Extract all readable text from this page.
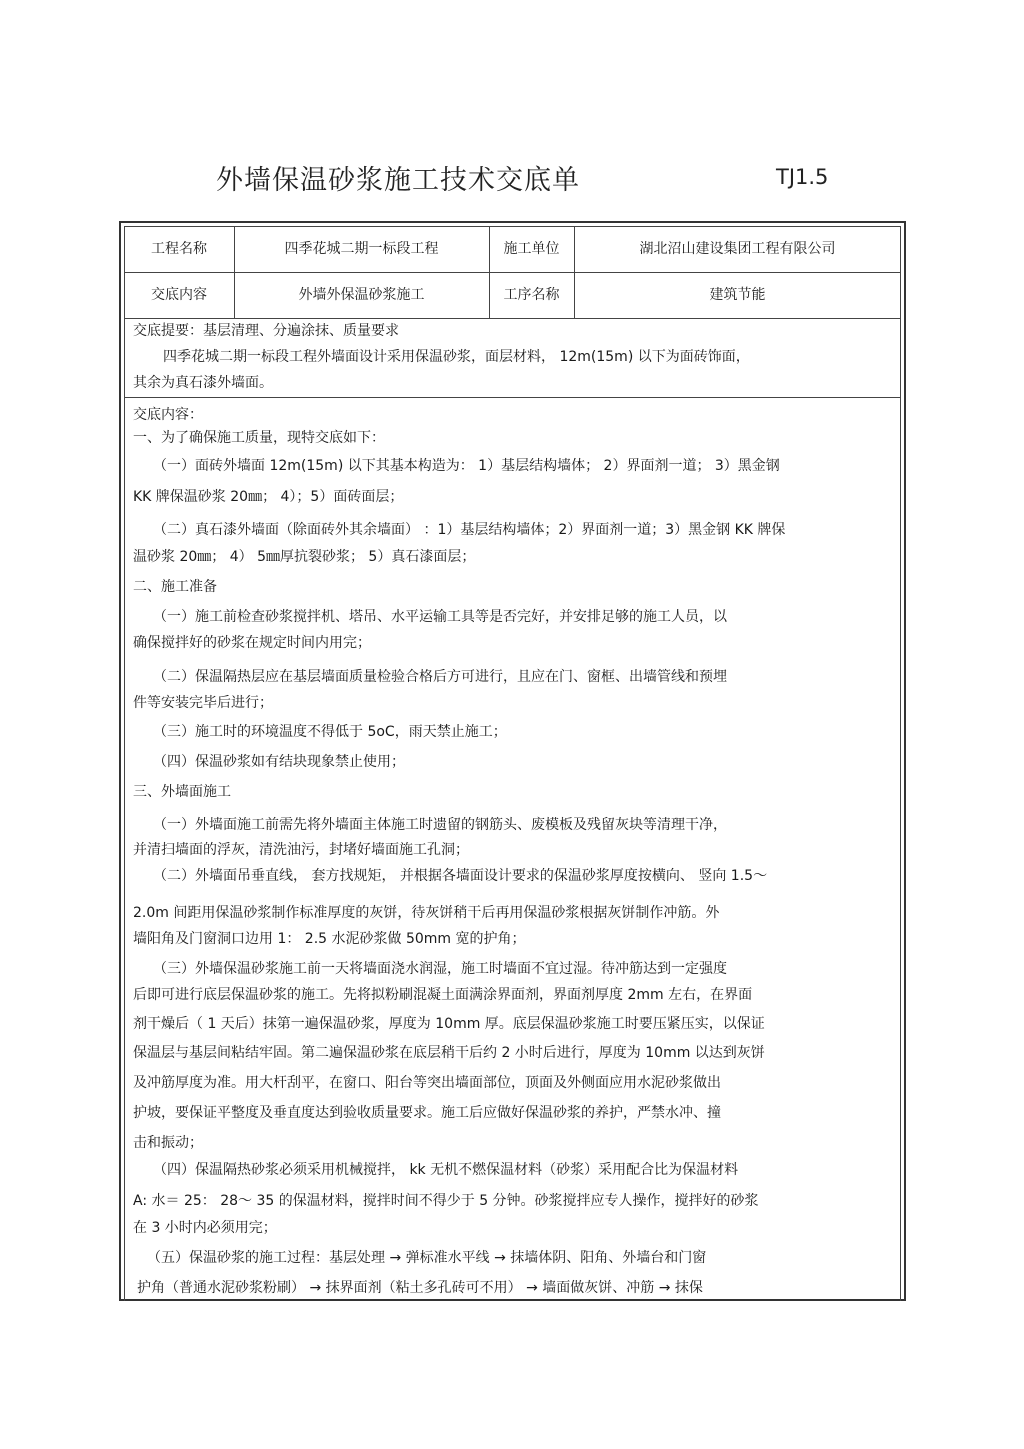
外墙保温砂浆施工技术交底单	TJ1.5
工程名称	四季花城二期一标段工程	施工单位	湖北沼山建设集团工程有限公司
交底内容	外墙外保温砂浆施工	工序名称	建筑节能
交底提要：基层清理、分遍涂抹、质量要求
四季花城二期一标段工程外墙面设计采用保温砂浆，面层材料， 12m(15m) 以下为面砖饰面，
其余为真石漆外墙面。
交底内容：
一、为了确保施工质量，现特交底如下：
（一）面砖外墙面 12m(15m) 以下其基本构造为： 1）基层结构墙体； 2）界面剂一道； 3）黑金钢
KK 牌保温砂浆 20㎜； 4）；5）面砖面层；
（二）真石漆外墙面（除面砖外其余墙面） ：1）基层结构墙体；2）界面剂一道；3）黑金钢 KK 牌保
温砂浆 20㎜； 4） 5㎜厚抗裂砂浆； 5）真石漆面层；
二、施工准备
（一）施工前检查砂浆搅拌机、塔吊、水平运输工具等是否完好，并安排足够的施工人员，以
确保搅拌好的砂浆在规定时间内用完；
（二）保温隔热层应在基层墙面质量检验合格后方可进行，且应在门、窗框、出墙管线和预埋
件等安装完毕后进行；
（三）施工时的环境温度不得低于 5oC，雨天禁止施工；
（四）保温砂浆如有结块现象禁止使用；
三、外墙面施工
（一）外墙面施工前需先将外墙面主体施工时遗留的钢筋头、废模板及残留灰块等清理干净，
并清扫墙面的浮灰，清洗油污，封堵好墙面施工孔洞；
（二）外墙面吊垂直线， 套方找规矩， 并根据各墙面设计要求的保温砂浆厚度按横向、 竖向 1.5～
2.0m 间距用保温砂浆制作标准厚度的灰饼，待灰饼稍干后再用保温砂浆根据灰饼制作冲筋。外
墙阳角及门窗洞口边用 1： 2.5 水泥砂浆做 50mm 宽的护角；
（三）外墙保温砂浆施工前一天将墙面浇水润湿，施工时墙面不宜过湿。待冲筋达到一定强度
后即可进行底层保温砂浆的施工。先将拟粉刷混凝土面满涂界面剂，界面剂厚度 2mm 左右，在界面
剂干燥后（ 1 天后）抹第一遍保温砂浆，厚度为 10mm 厚。底层保温砂浆施工时要压紧压实，以保证
保温层与基层间粘结牢固。第二遍保温砂浆在底层稍干后约 2 小时后进行，厚度为 10mm 以达到灰饼
及冲筋厚度为准。用大杆刮平，在窗口、阳台等突出墙面部位，顶面及外侧面应用水泥砂浆做出
护坡，要保证平整度及垂直度达到验收质量要求。施工后应做好保温砂浆的养护，严禁水冲、撞
击和振动；
（四）保温隔热砂浆必须采用机械搅拌， kk 无机不燃保温材料（砂浆）采用配合比为保温材料
A: 水＝ 25： 28～ 35 的保温材料，搅拌时间不得少于 5 分钟。砂浆搅拌应专人操作，搅拌好的砂浆
在 3 小时内必须用完；
（五）保温砂浆的施工过程：基层处理 → 弹标准水平线 → 抹墙体阴、阳角、外墙台和门窗
护角（普通水泥砂浆粉刷） → 抹界面剂（粘土多孔砖可不用） → 墙面做灰饼、冲筋 → 抹保
